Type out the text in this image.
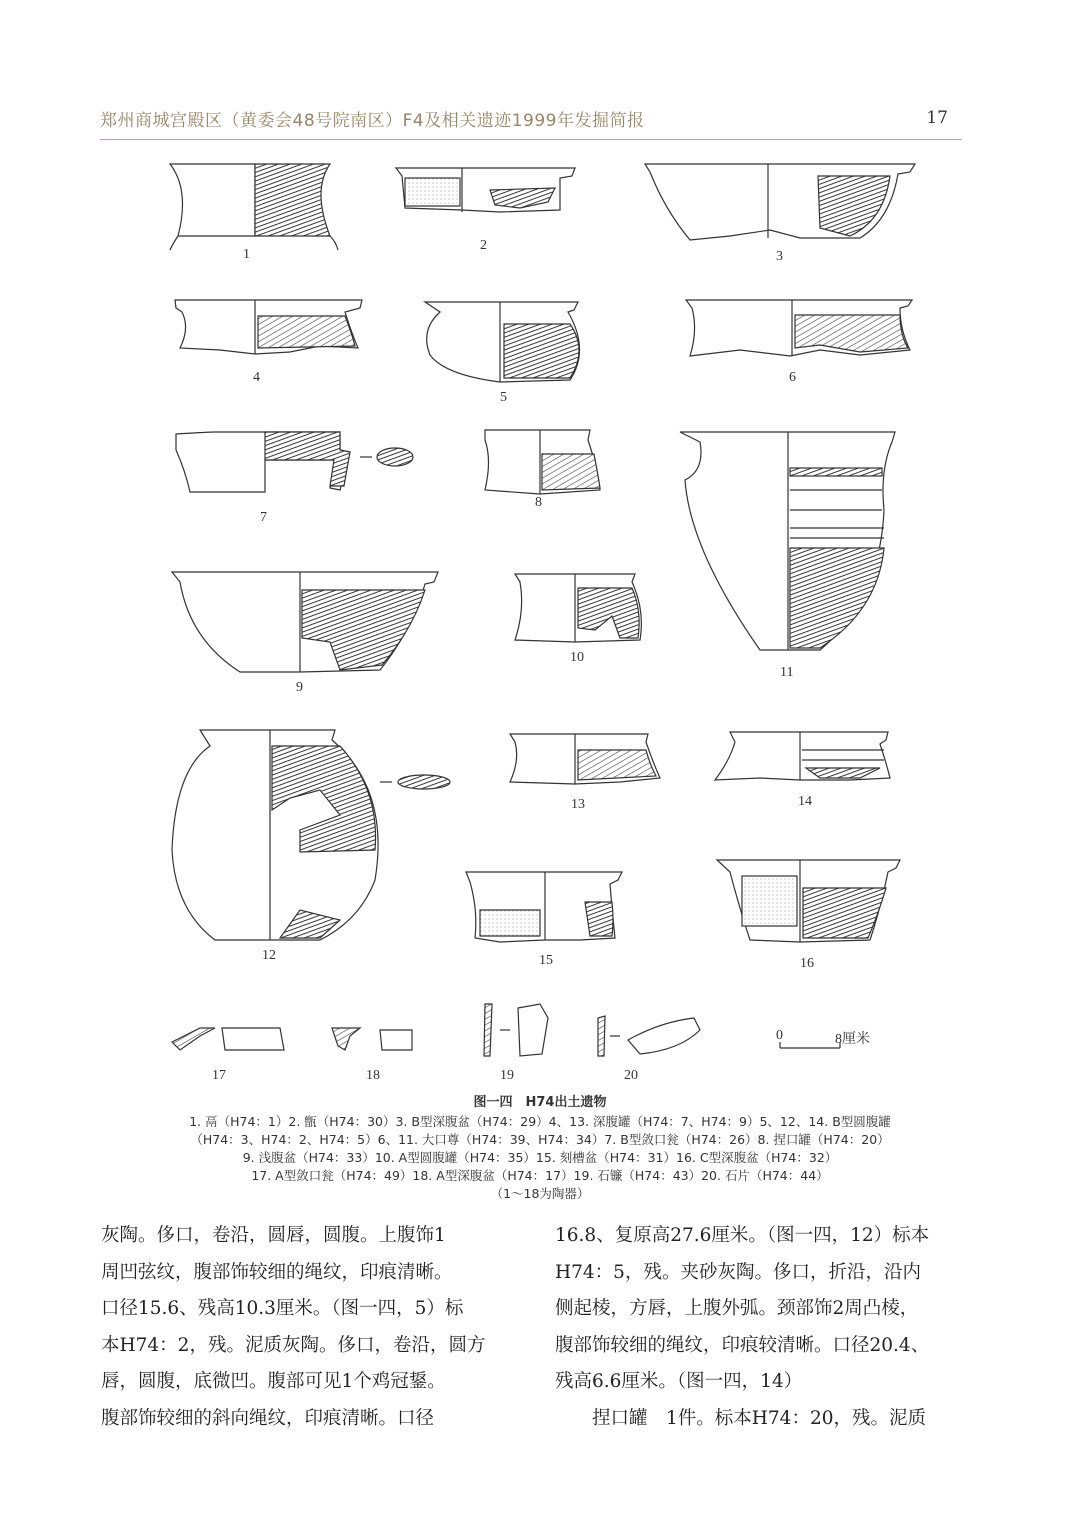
郑州商城宫殿区（黄委会48号院南区）F4及相关遗迹1999年发掘简报	17
1
2
3
4
5
6
7
8
9
10
11
12
13	14
15	16
17	18	19	20
0	8厘米
图一四　H74出土遗物
1. 鬲（H74：1）2. 甑（H74：30）3. B型深腹盆（H74：29）4、13. 深腹罐（H74：7、H74：9）5、12、14. B型圆腹罐
（H74：3、H74：2、H74：5）6、11. 大口尊（H74：39、H74：34）7. B型敛口瓮（H74：26）8. 捏口罐（H74：20）
9. 浅腹盆（H74：33）10. A型圆腹罐（H74：35）15. 刻槽盆（H74：31）16. C型深腹盆（H74：32）
17. A型敛口瓮（H74：49）18. A型深腹盆（H74：17）19. 石镰（H74：43）20. 石片（H74：44）
（1～18为陶器）

灰陶。侈口，卷沿，圆唇，圆腹。上腹饰1

周凹弦纹，腹部饰较细的绳纹，印痕清晰。

口径15.6、残高10.3厘米。（图一四，5）标

本H74：2，残。泥质灰陶。侈口，卷沿，圆方

唇，圆腹，底微凹。腹部可见1个鸡冠鋬。

腹部饰较细的斜向绳纹，印痕清晰。口径

16.8、复原高27.6厘米。（图一四，12）标本

H74：5，残。夹砂灰陶。侈口，折沿，沿内

侧起棱，方唇，上腹外弧。颈部饰2周凸棱，

腹部饰较细的绳纹，印痕较清晰。口径20.4、

残高6.6厘米。（图一四，14）

捏口罐　1件。标本H74：20，残。泥质
